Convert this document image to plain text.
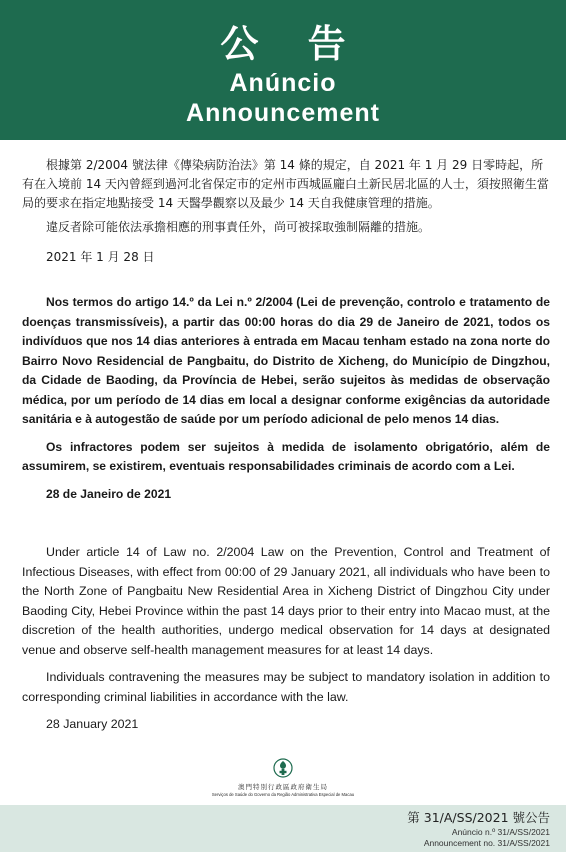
公 告
Anúncio
Announcement

根據第 2/2004 號法律《傳染病防治法》第 14 條的規定，自 2021 年 1 月 29 日零時起，所有在入境前 14 天內曾經到過河北省保定市的定州市西城區龐白土新民居北區的人士，須按照衛生當局的要求在指定地點接受 14 天醫學觀察以及最少 14 天自我健康管理的措施。

違反者除可能依法承擔相應的刑事責任外，尚可被採取強制隔離的措施。

2021 年 1 月 28 日

Nos termos do artigo 14.º da Lei n.º 2/2004 (Lei de prevenção, controlo e tratamento de doenças transmissíveis), a partir das 00:00 horas do dia 29 de Janeiro de 2021, todos os indivíduos que nos 14 dias anteriores à entrada em Macau tenham estado na zona norte do Bairro Novo Residencial de Pangbaitu, do Distrito de Xicheng, do Município de Dingzhou, da Cidade de Baoding, da Província de Hebei, serão sujeitos às medidas de observação médica, por um período de 14 dias em local a designar conforme exigências da autoridade sanitária e à autogestão de saúde por um período adicional de pelo menos 14 dias.

Os infractores podem ser sujeitos à medida de isolamento obrigatório, além de assumirem, se existirem, eventuais responsabilidades criminais de acordo com a Lei.

28 de Janeiro de 2021

Under article 14 of Law no. 2/2004 Law on the Prevention, Control and Treatment of Infectious Diseases, with effect from 00:00 of 29 January 2021, all individuals who have been to the North Zone of Pangbaitu New Residential Area in Xicheng District of Dingzhou City under Baoding City, Hebei Province within the past 14 days prior to their entry into Macao must, at the discretion of the health authorities, undergo medical observation for 14 days at designated venue and observe self-health management measures for at least 14 days.

Individuals contravening the measures may be subject to mandatory isolation in addition to corresponding criminal liabilities in accordance with the law.

28 January 2021

澳門特別行政區政府衛生局
Serviços de Saúde do Governo da Região Administrativa Especial de Macau
第 31/A/SS/2021 號公告
Anúncio n.º 31/A/SS/2021
Announcement no. 31/A/SS/2021
